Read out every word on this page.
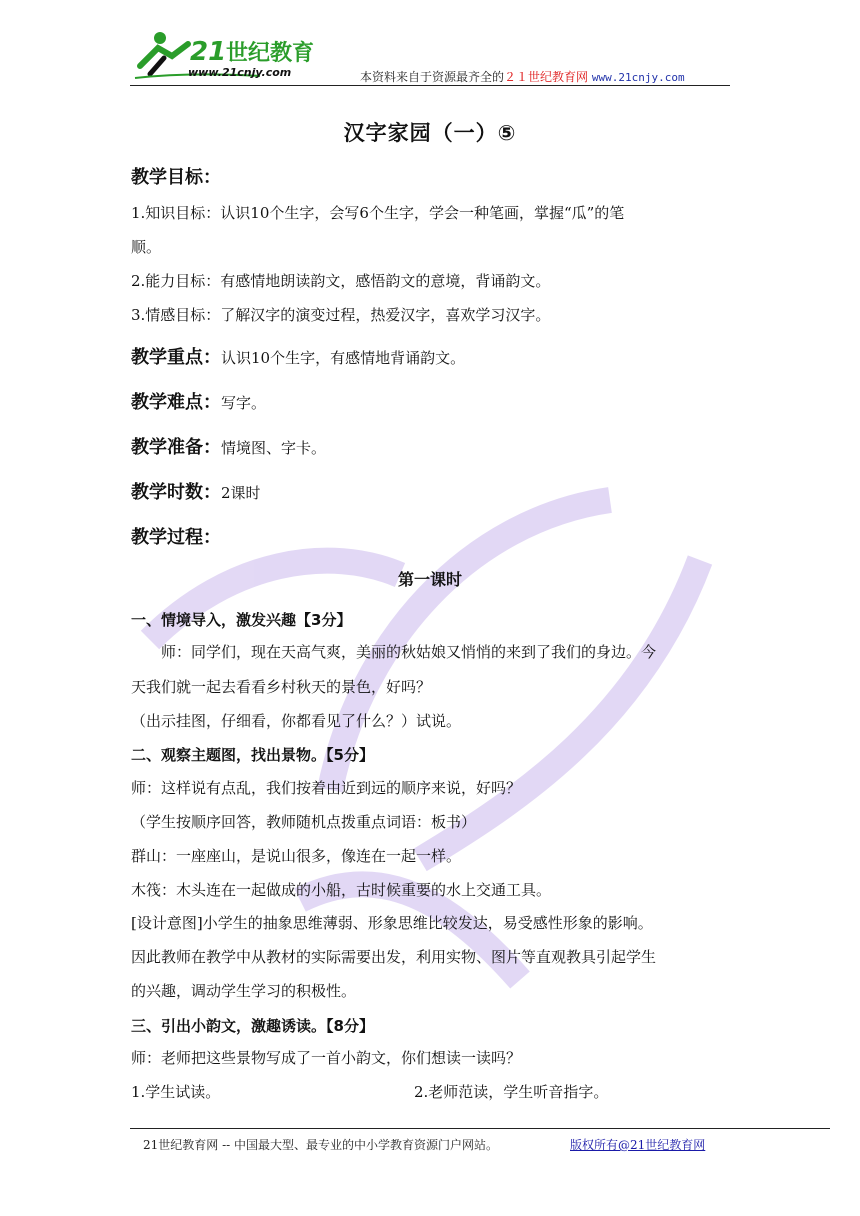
21 世纪教育
www.21cnjy.com	本资料来自于资源最齐全的２１世纪教育网 www.21cnjy.com
汉字家园（一）⑤
教学目标：
1.知识目标：认识10个生字，会写6个生字，学会一种笔画，掌握“瓜”的笔
顺。
2.能力目标：有感情地朗读韵文，感悟韵文的意境，背诵韵文。
3.情感目标：了解汉字的演变过程，热爱汉字，喜欢学习汉字。
教学重点：认识10个生字，有感情地背诵韵文。
教学难点：写字。
教学准备：情境图、字卡。
教学时数：2课时
教学过程：
第一课时
一、情境导入，激发兴趣【3分】
　　师：同学们，现在天高气爽，美丽的秋姑娘又悄悄的来到了我们的身边。今
天我们就一起去看看乡村秋天的景色，好吗？
（出示挂图，仔细看，你都看见了什么？）试说。
二、观察主题图，找出景物。【5分】
师：这样说有点乱，我们按着由近到远的顺序来说，好吗？
（学生按顺序回答，教师随机点拨重点词语：板书）
群山：一座座山，是说山很多，像连在一起一样。
木筏：木头连在一起做成的小船，古时候重要的水上交通工具。
[设计意图]小学生的抽象思维薄弱、形象思维比较发达，易受感性形象的影响。
因此教师在教学中从教材的实际需要出发，利用实物、图片等直观教具引起学生
的兴趣，调动学生学习的积极性。
三、引出小韵文，激趣诱读。【8分】
师：老师把这些景物写成了一首小韵文，你们想读一读吗？
1.学生试读。	2.老师范读，学生听音指字。
21世纪教育网 -- 中国最大型、最专业的中小学教育资源门户网站。	版权所有@21世纪教育网
